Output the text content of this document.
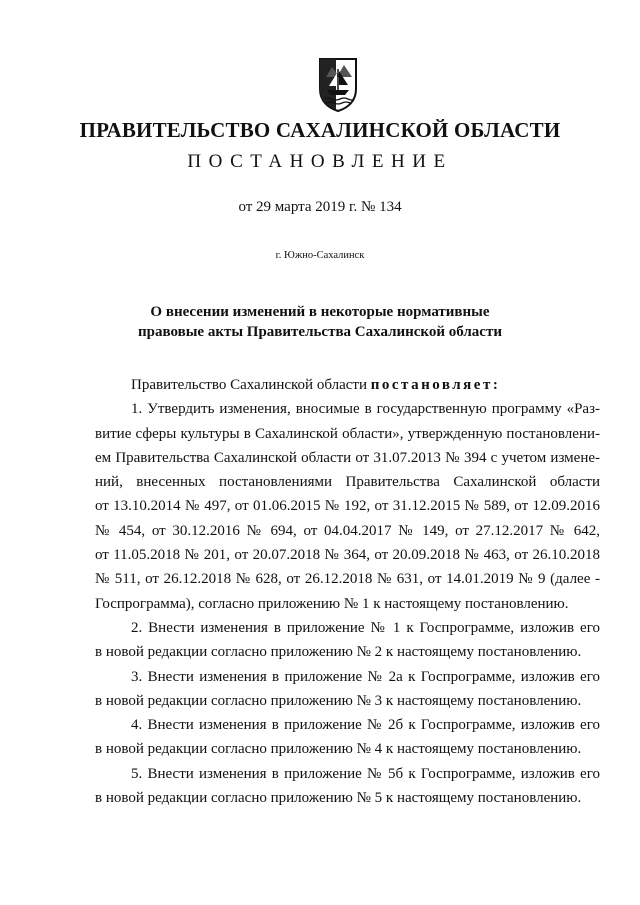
ПРАВИТЕЛЬСТВО САХАЛИНСКОЙ ОБЛАСТИ
ПОСТАНОВЛЕНИЕ
от 29 марта 2019 г. № 134
г. Южно-Сахалинск
О внесении изменений в некоторые нормативные
правовые акты Правительства Сахалинской области

Правительство Сахалинской области постановляет:

1. Утвердить изменения, вносимые в государственную программу «Раз-
витие сферы культуры в Сахалинской области», утвержденную постановлени-
ем Правительства Сахалинской области от 31.07.2013 № 394 с учетом измене-
ний, внесенных постановлениями Правительства Сахалинской области
от 13.10.2014 № 497, от 01.06.2015 № 192, от 31.12.2015 № 589, от 12.09.2016
№ 454, от 30.12.2016 № 694, от 04.04.2017 № 149, от 27.12.2017 № 642,
от 11.05.2018 № 201, от 20.07.2018 № 364, от 20.09.2018 № 463, от 26.10.2018
№ 511, от 26.12.2018 № 628, от 26.12.2018 № 631, от 14.01.2019 № 9 (далее -
Госпрограмма), согласно приложению № 1 к настоящему постановлению.

2. Внести изменения в приложение № 1 к Госпрограмме, изложив его
в новой редакции согласно приложению № 2 к настоящему постановлению.

3. Внести изменения в приложение № 2а к Госпрограмме, изложив его
в новой редакции согласно приложению № 3 к настоящему постановлению.

4. Внести изменения в приложение № 2б к Госпрограмме, изложив его
в новой редакции согласно приложению № 4 к настоящему постановлению.

5. Внести изменения в приложение № 5б к Госпрограмме, изложив его
в новой редакции согласно приложению № 5 к настоящему постановлению.
